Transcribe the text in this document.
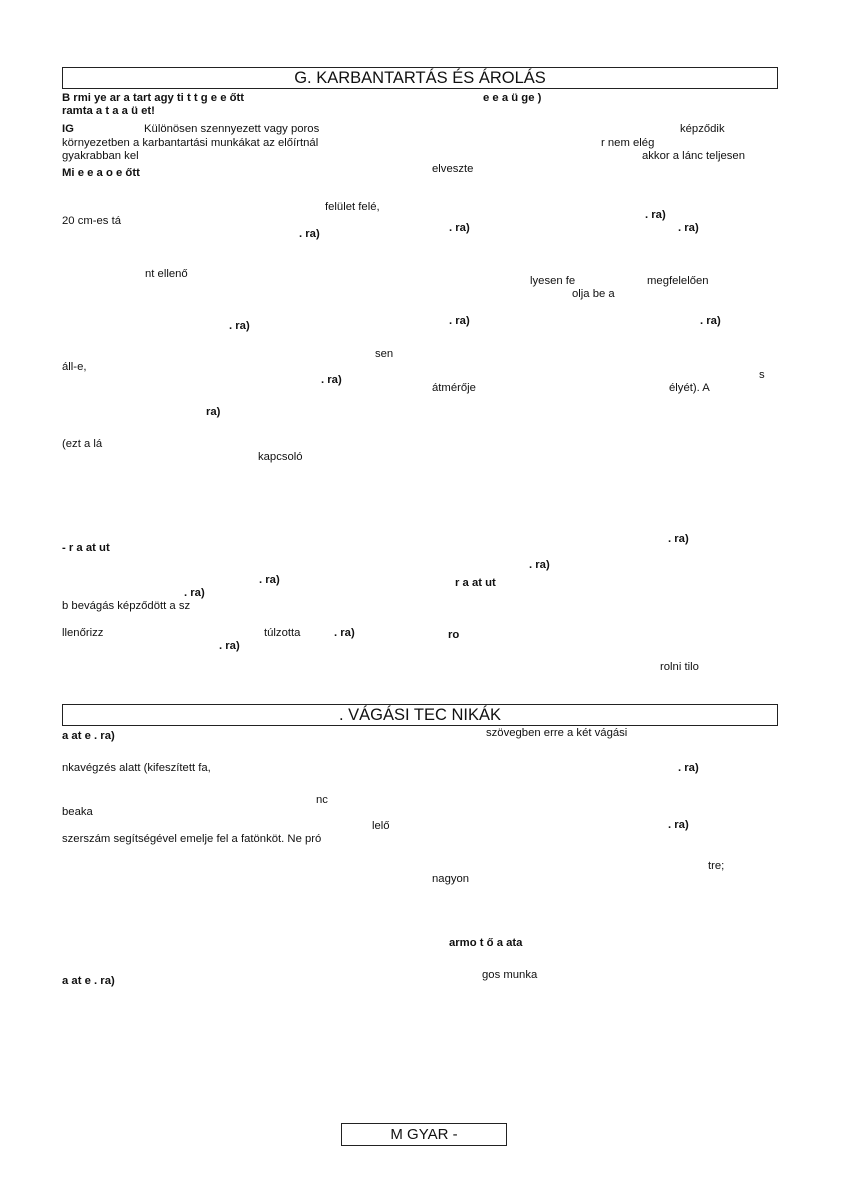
G. KARBANTARTÁS ÉS ÁROLÁS
B rmi ye ar a tart agy ti t t g e e őtt
ramta a t a a ü et!
IG	Különösen szennyezett vagy poros
környezetben a karbantartási munkákat az előírtnál
gyakrabban kel
Mi e e a o e őtt
felület felé,
20 cm-es tá
. ra)
nt ellenő
. ra)
sen
áll-e,
. ra)
ra)
(ezt a lá
kapcsoló
- r a at ut
. ra)
. ra)
b bevágás képződött a sz
llenőrizz	túlzotta	. ra)
. ra)
. VÁGÁSI TEC NIKÁK
a at e . ra)
nkavégzés alatt (kifeszített fa,
nc
beaka
lelő
szerszám segítségével emelje fel a fatönköt. Ne pró
a at e . ra)
e e a ü ge )
képződik
r nem elég
akkor a lánc teljesen
elveszte
. ra)
. ra)	. ra)
lyesen fe	megfelelően
olja be a
. ra)	. ra)
s
átmérője	élyét). A
. ra)
. ra)
r a at ut
ro
rolni tilo
szövegben erre a két vágási
. ra)
. ra)
tre;
nagyon
armo t ő a ata
gos munka
M GYAR -
